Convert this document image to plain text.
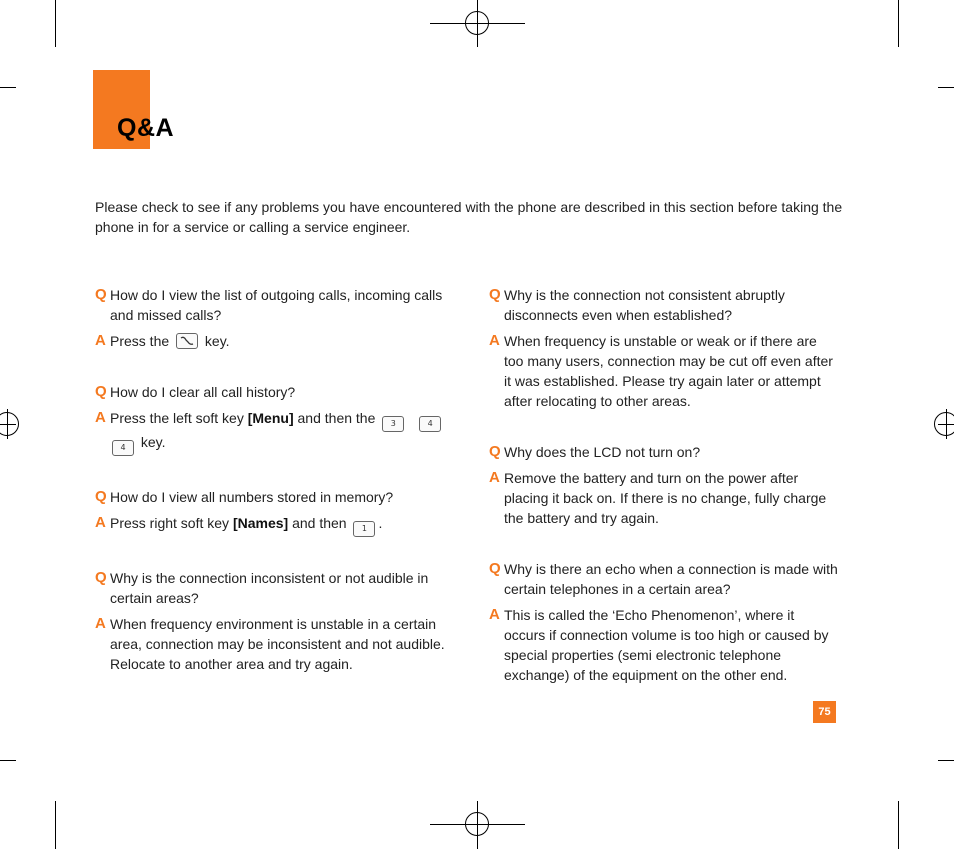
Q&A
Please check to see if any problems you have encountered with the phone are described in this section before taking the phone in for a service or calling a service engineer.
Q How do I view the list of outgoing calls, incoming calls and missed calls?
A Press the	key.
Q How do I clear all call history?
A Press the left soft key [Menu] and then the 3	4
4 key.
Q How do I view all numbers stored in memory?
A Press right soft key [Names] and then 1 .
Q Why is the connection inconsistent or not audible in certain areas?
A When frequency environment is unstable in a certain area, connection may be inconsistent and not audible. Relocate to another area and try again.
Q Why is the connection not consistent abruptly disconnects even when established?
A When frequency is unstable or weak or if there are too many users, connection may be cut off even after it was established. Please try again later or attempt after relocating to other areas.
Q Why does the LCD not turn on?
A Remove the battery and turn on the power after placing it back on. If there is no change, fully charge the battery and try again.
Q Why is there an echo when a connection is made with certain telephones in a certain area?
A This is called the ‘Echo Phenomenon’, where it occurs if connection volume is too high or caused by special properties (semi electronic telephone exchange) of the equipment on the other end.
75
